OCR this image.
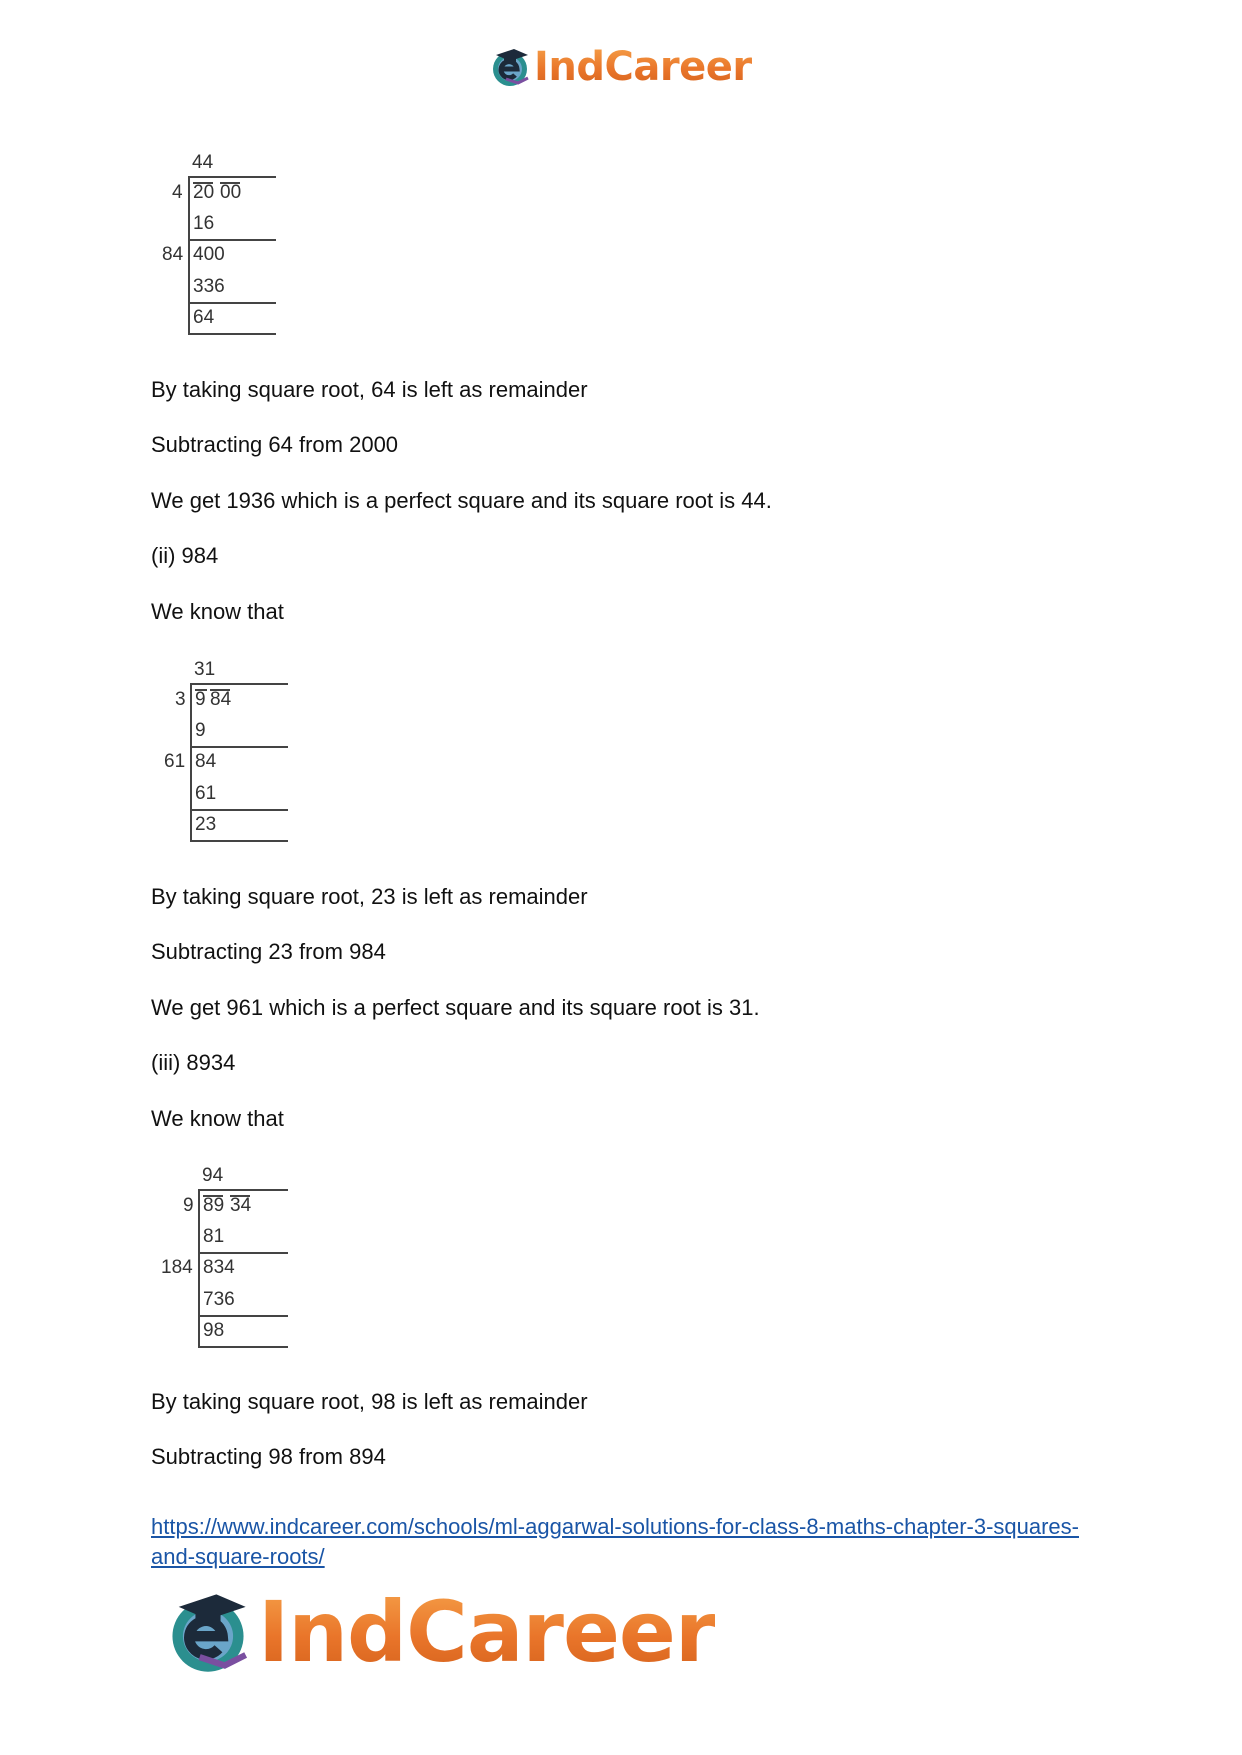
IndCareer
44
4 20 00
16
84 400
336
64

By taking square root, 64 is left as remainder

Subtracting 64 from 2000

We get 1936 which is a perfect square and its square root is 44.

(ii) 984

We know that

31
3 9 84
9
61 84
61
23

By taking square root, 23 is left as remainder

Subtracting 23 from 984

We get 961 which is a perfect square and its square root is 31.

(iii) 8934

We know that

94
9 89 34
81
184 834
736
98

By taking square root, 98 is left as remainder

Subtracting 98 from 894

https://www.indcareer.com/schools/ml-aggarwal-solutions-for-class-8-maths-chapter-3-squares-and-square-roots/
IndCareer
